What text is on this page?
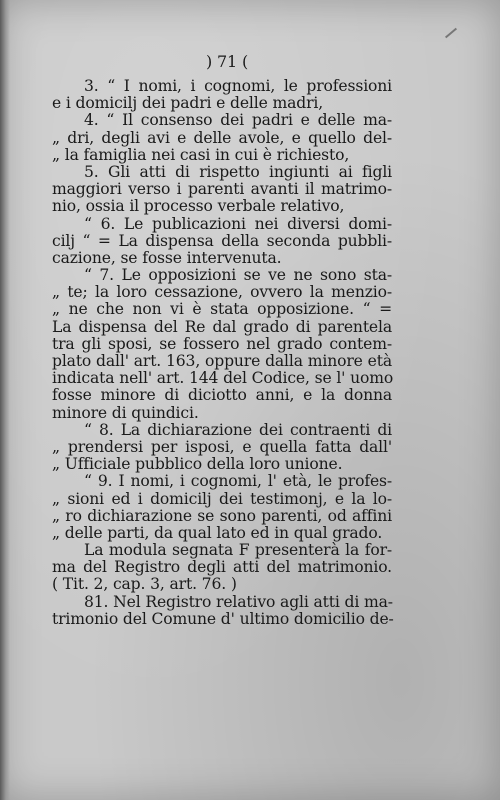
) 71 (
3. “ I nomi, i cognomi, le professioni
e i domicilj dei padri e delle madri,
4. “ Il consenso dei padri e delle ma-
„ dri, degli avi e delle avole, e quello del-
„ la famiglia nei casi in cui è richiesto,
5. Gli atti di rispetto ingiunti ai figli
maggiori verso i parenti avanti il matrimo-
nio, ossia il processo verbale relativo,
“ 6. Le publicazioni nei diversi domi-
cilj “ = La dispensa della seconda pubbli-
cazione, se fosse intervenuta.
“ 7. Le opposizioni se ve ne sono sta-
„ te; la loro cessazione, ovvero la menzio-
„ ne che non vi è stata opposizione. “ =
La dispensa del Re dal grado di parentela
tra gli sposi, se fossero nel grado contem-
plato dall' art. 163, oppure dalla minore età
indicata nell' art. 144 del Codice, se l' uomo
fosse minore di diciotto anni, e la donna
minore di quindici.
“ 8. La dichiarazione dei contraenti di
„ prendersi per isposi, e quella fatta dall'
„ Ufficiale pubblico della loro unione.
“ 9. I nomi, i cognomi, l' età, le profes-
„ sioni ed i domicilj dei testimonj, e la lo-
„ ro dichiarazione se sono parenti, od affini
„ delle parti, da qual lato ed in qual grado.
La modula segnata F presenterà la for-
ma del Registro degli atti del matrimonio.
( Tit. 2, cap. 3, art. 76. )
81. Nel Registro relativo agli atti di ma-
trimonio del Comune d' ultimo domicilio de-
